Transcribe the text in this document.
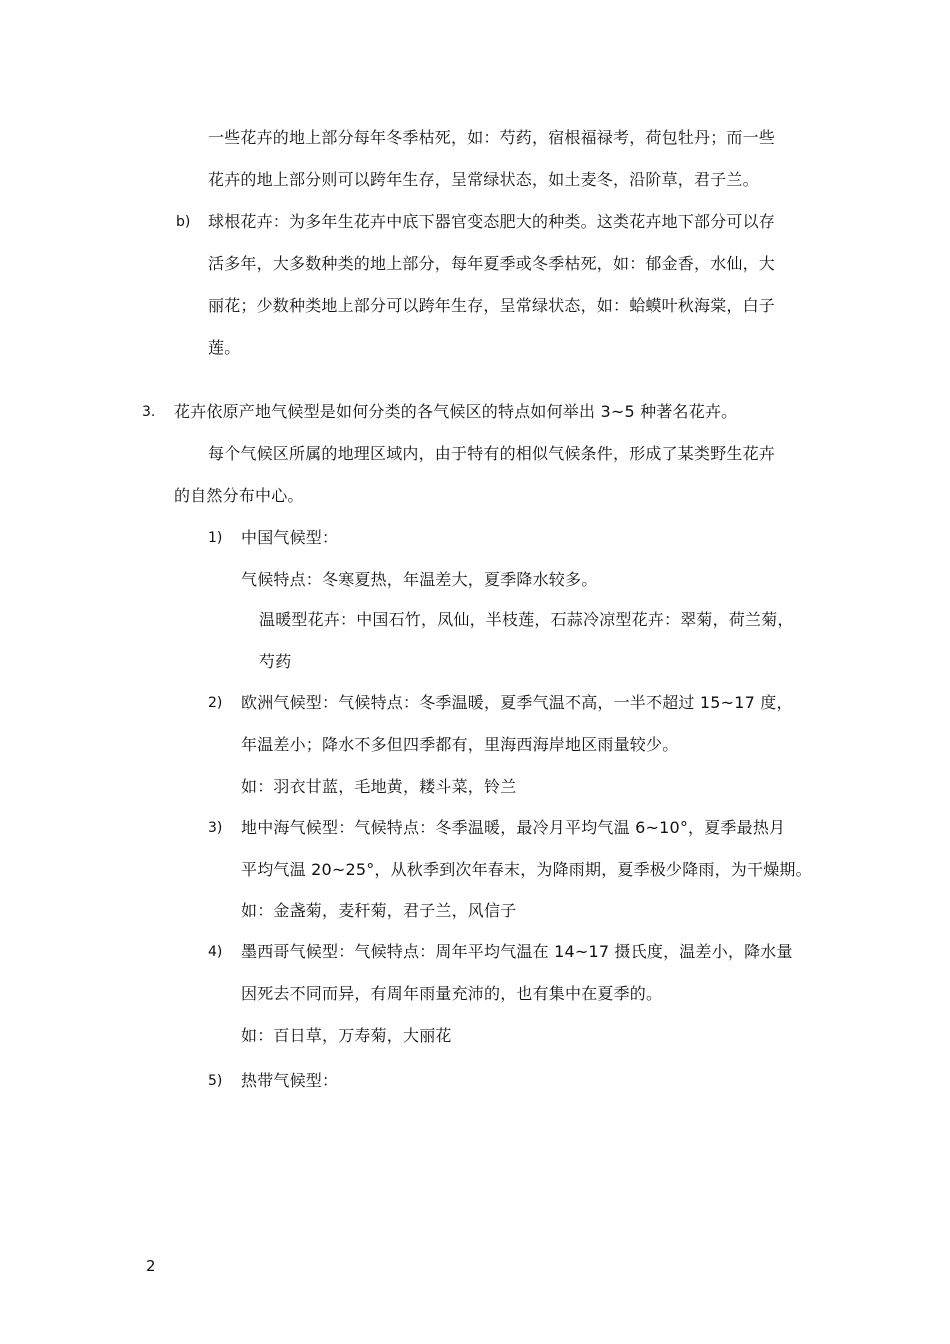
一些花卉的地上部分每年冬季枯死，如：芍药，宿根福禄考，荷包牡丹；而一些
花卉的地上部分则可以跨年生存，呈常绿状态，如土麦冬，沿阶草，君子兰。
b) 球根花卉：为多年生花卉中底下器官变态肥大的种类。这类花卉地下部分可以存
活多年，大多数种类的地上部分，每年夏季或冬季枯死，如：郁金香，水仙，大
丽花；少数种类地上部分可以跨年生存，呈常绿状态，如：蛤蟆叶秋海棠，白子
莲。
3. 花卉依原产地气候型是如何分类的各气候区的特点如何举出 3~5 种著名花卉。
每个气候区所属的地理区域内，由于特有的相似气候条件，形成了某类野生花卉
的自然分布中心。
1) 中国气候型：
气候特点：冬寒夏热，年温差大，夏季降水较多。
温暖型花卉：中国石竹，凤仙，半枝莲，石蒜冷凉型花卉：翠菊，荷兰菊，
芍药
2) 欧洲气候型：气候特点：冬季温暖，夏季气温不高，一半不超过 15~17 度，
年温差小；降水不多但四季都有，里海西海岸地区雨量较少。
如：羽衣甘蓝，毛地黄，耧斗菜，铃兰
3) 地中海气候型：气候特点：冬季温暖，最冷月平均气温 6~10°，夏季最热月
平均气温 20~25°，从秋季到次年春末，为降雨期，夏季极少降雨，为干燥期。
如：金盏菊，麦秆菊，君子兰，风信子
4) 墨西哥气候型：气候特点：周年平均气温在 14~17 摄氏度，温差小，降水量
因死去不同而异，有周年雨量充沛的，也有集中在夏季的。
如：百日草，万寿菊，大丽花
5) 热带气候型：
2
